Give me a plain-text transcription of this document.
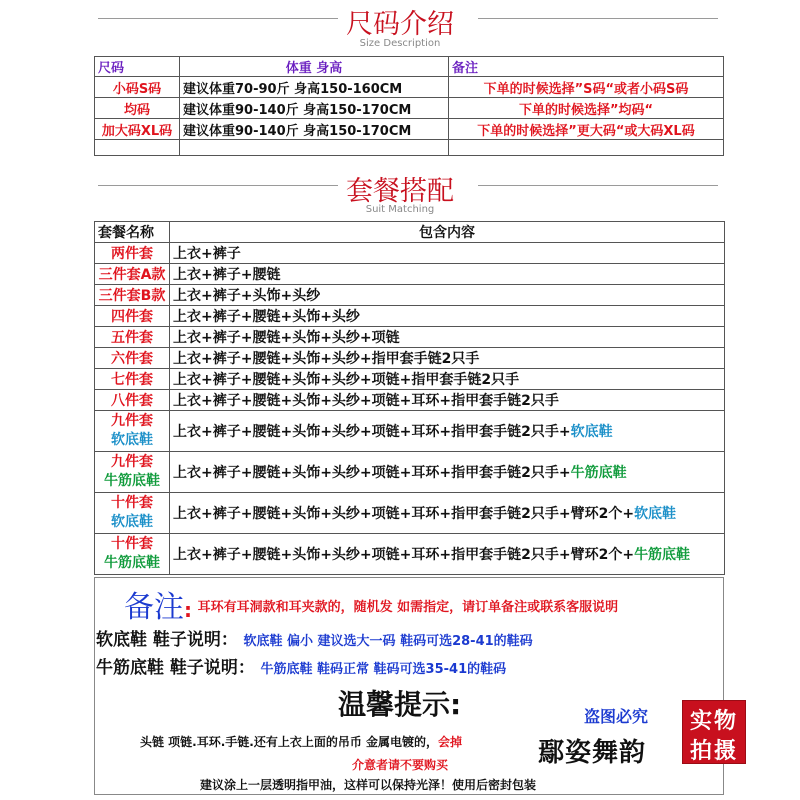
尺码介绍
Size Description
尺码	体重 身高	备注
小码S码	建议体重70-90斤 身高150-160CM	下单的时候选择”S码“或者小码S码
均码	建议体重90-140斤 身高150-170CM	下单的时候选择”均码“
加大码XL码	建议体重90-140斤 身高150-170CM	下单的时候选择”更大码“或大码XL码

套餐搭配
Suit Matching
套餐名称	包含内容
两件套	上衣+裤子
三件套A款	上衣+裤子+腰链
三件套B款	上衣+裤子+头饰+头纱
四件套	上衣+裤子+腰链+头饰+头纱
五件套	上衣+裤子+腰链+头饰+头纱+项链
六件套	上衣+裤子+腰链+头饰+头纱+指甲套手链2只手
七件套	上衣+裤子+腰链+头饰+头纱+项链+指甲套手链2只手
八件套	上衣+裤子+腰链+头饰+头纱+项链+耳环+指甲套手链2只手

九件套
软底鞋	上衣+裤子+腰链+头饰+头纱+项链+耳环+指甲套手链2只手+软底鞋

九件套
牛筋底鞋	上衣+裤子+腰链+头饰+头纱+项链+耳环+指甲套手链2只手+牛筋底鞋

十件套
软底鞋	上衣+裤子+腰链+头饰+头纱+项链+耳环+指甲套手链2只手+臂环2个+软底鞋

十件套
牛筋底鞋	上衣+裤子+腰链+头饰+头纱+项链+耳环+指甲套手链2只手+臂环2个+牛筋底鞋
备注: $^{耳环有耳洞款和耳夹款的,随机发 如需指定,请订单备注或联系客服说明}$
软底鞋 鞋子说明： 软底鞋 偏小 建议选大一码 鞋码可选28-41的鞋码
牛筋底鞋 鞋子说明： 牛筋底鞋 鞋码正常 鞋码可选35-41的鞋码
温馨提示:
头链 项链.耳环.手链.还有上衣上面的吊币 金属电镀的，会掉
介意者请不要购买
建议涂上一层透明指甲油，这样可以保持光泽！使用后密封包装
盗图必究
鄢姿舞韵
实物
拍摄
